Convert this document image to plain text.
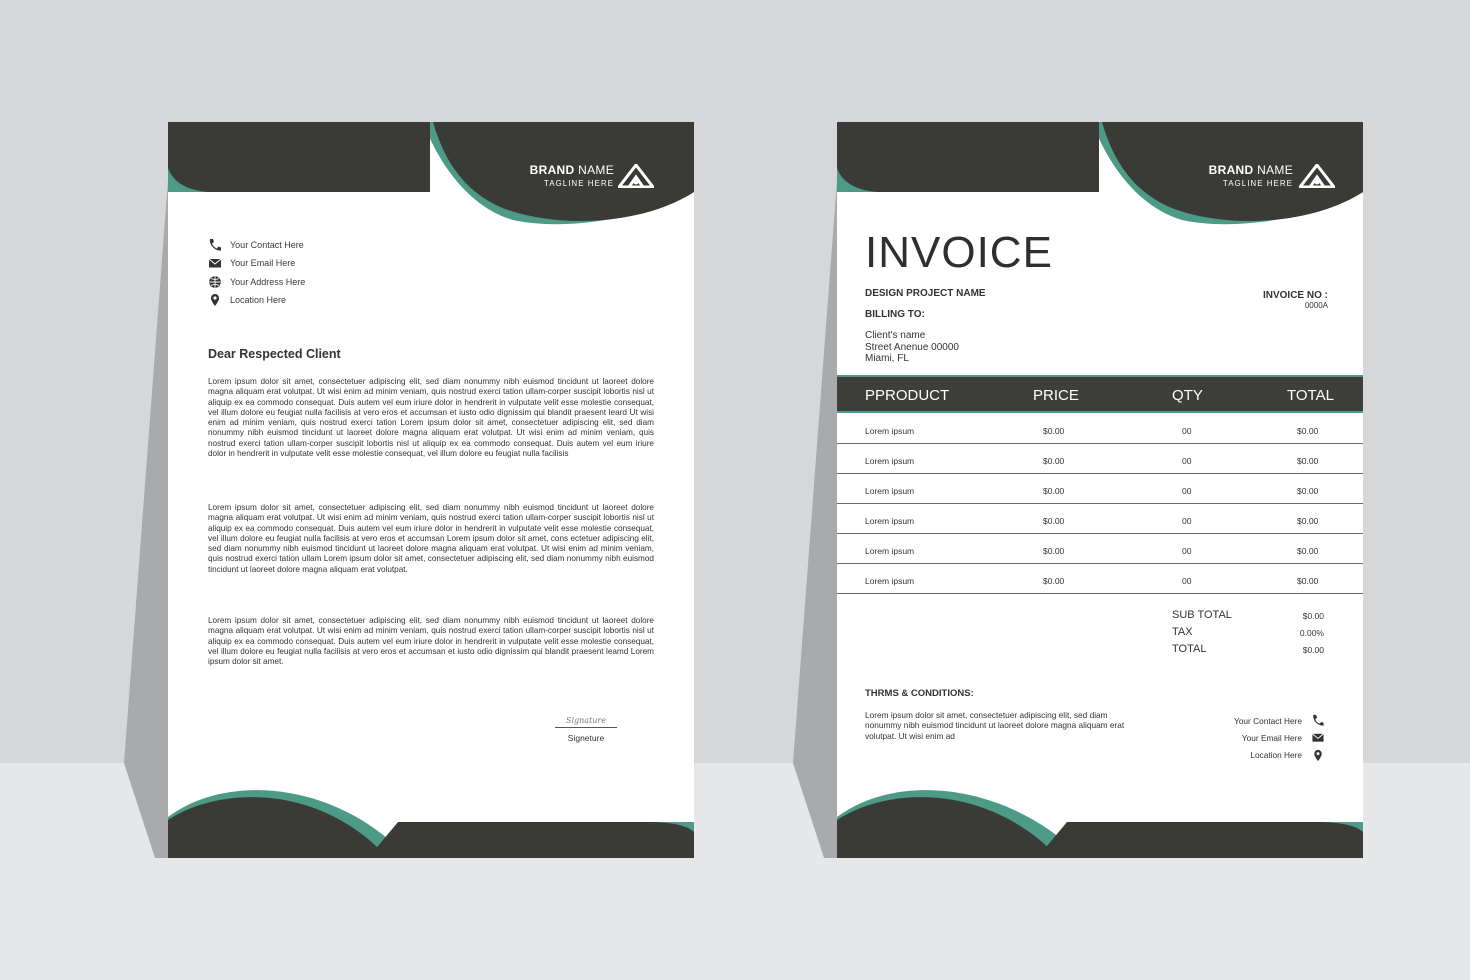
BRAND NAME
TAGLINE HERE
Your Contact Here
Your Email Here
Your Address Here
Location Here
Dear Respected Client
Lorem ipsum dolor sit amet, consectetuer adipiscing elit, sed diam nonummy nibh euismod tincidunt ut laoreet dolore magna aliquam erat volutpat. Ut wisi enim ad minim veniam, quis nostrud exerci tation ullam-corper suscipit lobortis nisl ut aliquip ex ea commodo consequat. Duis autem vel eum iriure dolor in hendrerit in vulputate velit esse molestie consequat, vel illum dolore eu feugiat nulla facilisis at vero eros et accumsan et iusto odio dignissim qui blandit praesent leard Ut wisi enim ad minim veniam, quis nostrud exerci tation Lorem ipsum dolor sit amet, consectetuer adipiscing elit, sed diam nonummy nibh euismod tincidunt ut laoreet dolore magna aliquam erat volutpat. Ut wisi enim ad minim veniam, quis nostrud exerci tation ullam-corper suscipit lobortis nisl ut aliquip ex ea commodo consequat. Duis autem vel eum iriure dolor in hendrerit in vulputate velit esse molestie consequat, vel illum dolore eu feugiat nulla facilisis
Lorem ipsum dolor sit amet, consectetuer adipiscing elit, sed diam nonummy nibh euismod tincidunt ut laoreet dolore magna aliquam erat volutpat. Ut wisi enim ad minim veniam, quis nostrud exerci tation ullam-corper suscipit lobortis nisl ut aliquip ex ea commodo consequat. Duis autem vel eum iriure dolor in hendrerit in vulputate velit esse molestie consequat, vel illum dolore eu feugiat nulla facilisis at vero eros et accumsan Lorem ipsum dolor sit amet, cons ectetuer adipiscing elit, sed diam nonummy nibh euismod tincidunt ut laoreet dolore magna aliquam erat volutpat. Ut wisi enim ad minim veniam, quis nostrud exerci tation ullam Lorem ipsum dolor sit amet, consectetuer adipiscing elit, sed diam nonummy nibh euismod tincidunt ut laoreet dolore magna aliquam erat volutpat.
Lorem ipsum dolor sit amet, consectetuer adipiscing elit, sed diam nonummy nibh euismod tincidunt ut laoreet dolore magna aliquam erat volutpat. Ut wisi enim ad minim veniam, quis nostrud exerci tation ullam-corper suscipit lobortis nisl ut aliquip ex ea commodo consequat. Duis autem vel eum iriure dolor in hendrerit in vulputate velit esse molestie consequat, vel illum dolore eu feugiat nulla facilisis at vero eros et accumsan et iusto odio dignissim qui blandit praesent leamd Lorem ipsum dolor sit amet.
Signature
Signeture
BRAND NAME
TAGLINE HERE
INVOICE
DESIGN PROJECT NAME
BILLING TO:
Client's name
Street Anenue 00000
Miami, FL
INVOICE NO :
0000A
PPRODUCT	PRICE	QTY	TOTAL
Lorem ipsum	$0.00	00	$0.00
Lorem ipsum	$0.00	00	$0.00
Lorem ipsum	$0.00	00	$0.00
Lorem ipsum	$0.00	00	$0.00
Lorem ipsum	$0.00	00	$0.00
Lorem ipsum	$0.00	00	$0.00
SUB TOTAL	$0.00
TAX	0.00%
TOTAL	$0.00
THRMS & CONDITIONS:
Lorem ipsum dolor sit amet, consectetuer adipiscing elit, sed diam nonummy nibh euismod tincidunt ut laoreet dolore magna aliquam erat volutpat. Ut wisi enim ad
Your Contact Here
Your Email Here
Location Here
